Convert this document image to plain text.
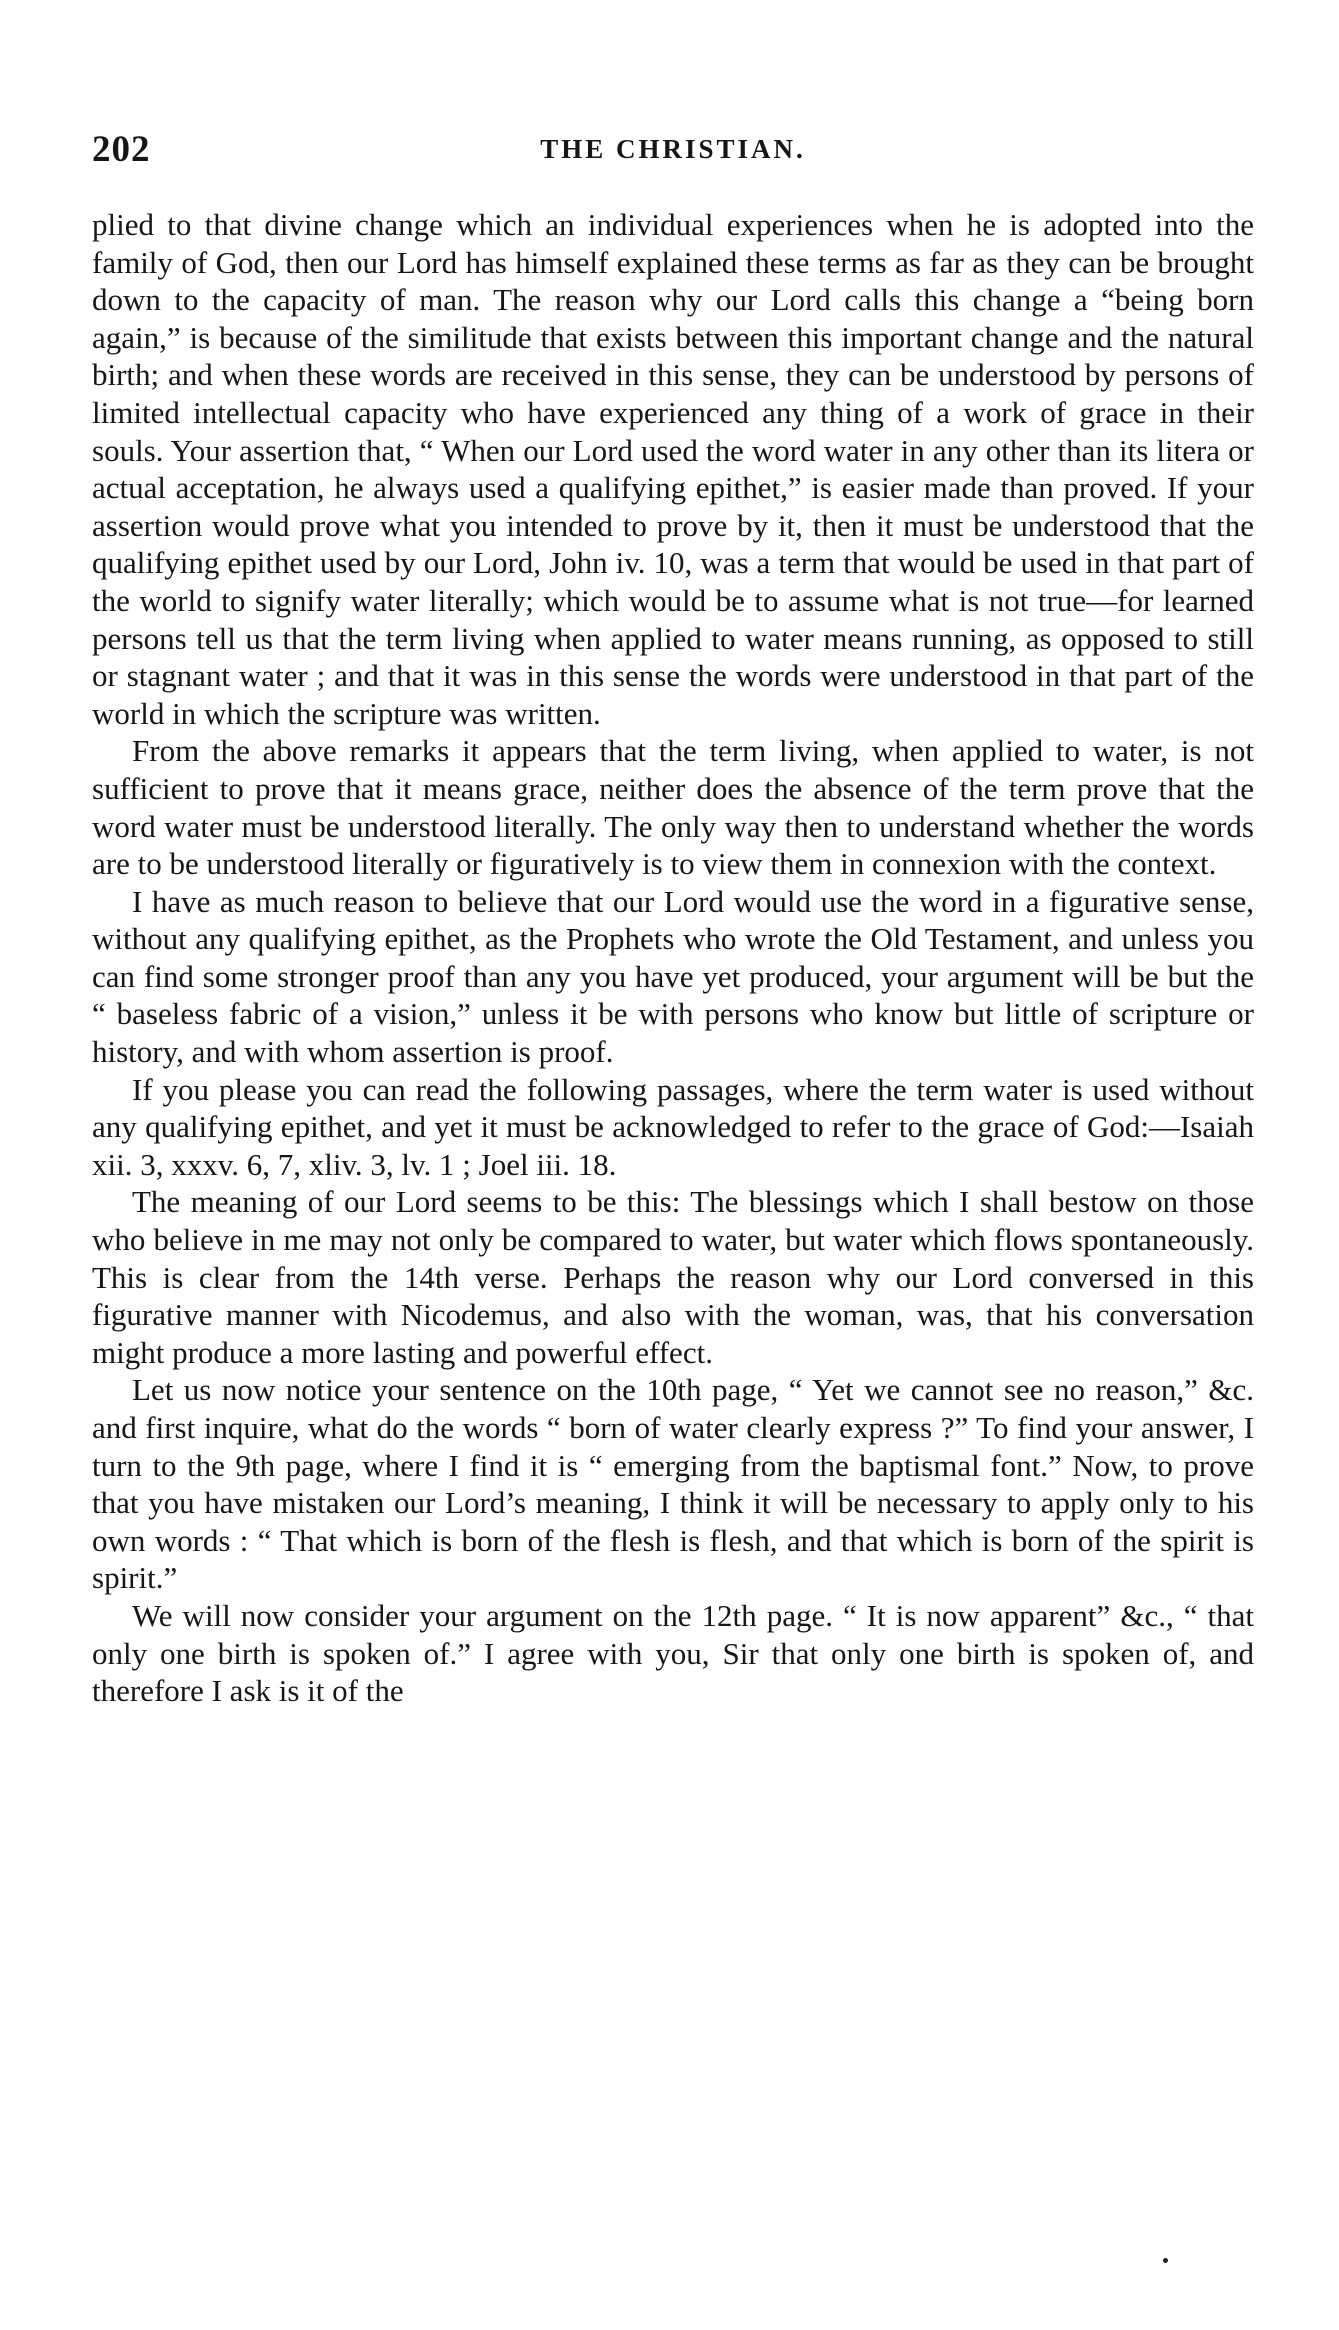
202	THE CHRISTIAN.

plied to that divine change which an individual experiences when he is adopted into the family of God, then our Lord has himself explained these terms as far as they can be brought down to the capacity of man. The reason why our Lord calls this change a “being born again,” is because of the similitude that exists between this important change and the natural birth; and when these words are received in this sense, they can be understood by persons of limited intellectual capacity who have experienced any thing of a work of grace in their souls. Your assertion that, “ When our Lord used the word water in any other than its litera or actual acceptation, he always used a qualifying epithet,” is easier made than proved. If your assertion would prove what you intended to prove by it, then it must be understood that the qualifying epithet used by our Lord, John iv. 10, was a term that would be used in that part of the world to signify water literally; which would be to assume what is not true—for learned persons tell us that the term living when applied to water means running, as opposed to still or stagnant water ; and that it was in this sense the words were understood in that part of the world in which the scripture was written.

From the above remarks it appears that the term living, when applied to water, is not sufficient to prove that it means grace, neither does the absence of the term prove that the word water must be understood literally. The only way then to understand whether the words are to be understood literally or figuratively is to view them in connexion with the context.

I have as much reason to believe that our Lord would use the word in a figurative sense, without any qualifying epithet, as the Prophets who wrote the Old Testament, and unless you can find some stronger proof than any you have yet produced, your argument will be but the “ baseless fabric of a vision,” unless it be with persons who know but little of scripture or history, and with whom assertion is proof.

If you please you can read the following passages, where the term water is used without any qualifying epithet, and yet it must be acknowledged to refer to the grace of God:—Isaiah xii. 3, xxxv. 6, 7, xliv. 3, lv. 1 ; Joel iii. 18.

The meaning of our Lord seems to be this: The blessings which I shall bestow on those who believe in me may not only be compared to water, but water which flows spontaneously. This is clear from the 14th verse. Perhaps the reason why our Lord conversed in this figurative manner with Nicodemus, and also with the woman, was, that his conversation might produce a more lasting and powerful effect.

Let us now notice your sentence on the 10th page, “ Yet we cannot see no reason,” &c. and first inquire, what do the words “ born of water clearly express ?” To find your answer, I turn to the 9th page, where I find it is “ emerging from the baptismal font.” Now, to prove that you have mistaken our Lord’s meaning, I think it will be necessary to apply only to his own words : “ That which is born of the flesh is flesh, and that which is born of the spirit is spirit.”

We will now consider your argument on the 12th page. “ It is now apparent” &c., “ that only one birth is spoken of.” I agree with you, Sir that only one birth is spoken of, and therefore I ask is it of the
